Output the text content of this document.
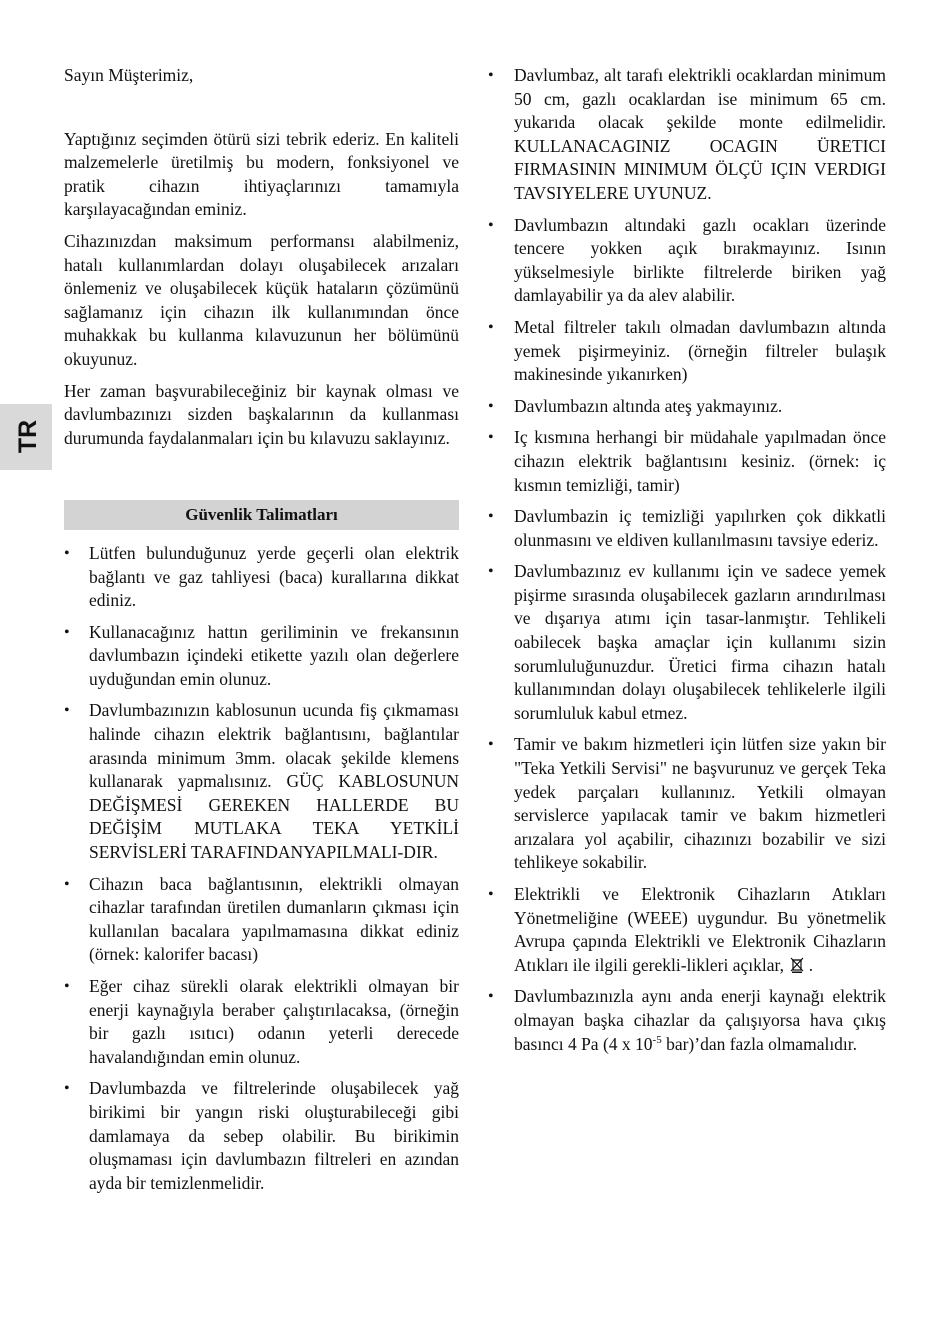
TR

Sayın Müşterimiz,

Yaptığınız seçimden ötürü sizi tebrik ederiz. En kaliteli malzemelerle üretilmiş bu modern, fonksiyonel ve pratik cihazın ihtiyaçlarınızı tamamıyla karşılayacağından eminiz.

Cihazınızdan maksimum performansı alabilmeniz, hatalı kullanımlardan dolayı oluşabilecek arızaları önlemeniz ve oluşabilecek küçük hataların çözümünü sağlamanız için cihazın ilk kullanımından önce muhakkak bu kullanma kılavuzunun her bölümünü okuyunuz.

Her zaman başvurabileceğiniz bir kaynak olması ve davlumbazınızı sizden başkalarının da kullanması durumunda faydalanmaları için bu kılavuzu saklayınız.

Güvenlik Talimatları
• Lütfen bulunduğunuz yerde geçerli olan elektrik bağlantı ve gaz tahliyesi (baca) kurallarına dikkat ediniz.
• Kullanacağınız hattın geriliminin ve frekansının davlumbazın içindeki etikette yazılı olan değerlere uyduğundan emin olunuz.
• Davlumbazınızın kablosunun ucunda fiş çıkmaması halinde cihazın elektrik bağlantısını, bağlantılar arasında minimum 3mm. olacak şekilde klemens kullanarak yapmalısınız. GÜÇ KABLOSUNUN DEĞİŞMESİ GEREKEN HALLERDE BU DEĞİŞİM MUTLAKA TEKA YETKİLİ SERVİSLERİ TARAFINDANYAPILMALI-DIR.
• Cihazın baca bağlantısının, elektrikli olmayan cihazlar tarafından üretilen dumanların çıkması için kullanılan bacalara yapılmamasına dikkat ediniz (örnek: kalorifer bacası)
• Eğer cihaz sürekli olarak elektrikli olmayan bir enerji kaynağıyla beraber çalıştırılacaksa, (örneğin bir gazlı ısıtıcı) odanın yeterli derecede havalandığından emin olunuz.
• Davlumbazda ve filtrelerinde oluşabilecek yağ birikimi bir yangın riski oluşturabileceği gibi damlamaya da sebep olabilir. Bu birikimin oluşmaması için davlumbazın filtreleri en azından ayda bir temizlenmelidir.
• Davlumbaz, alt tarafı elektrikli ocaklardan minimum 50 cm, gazlı ocaklardan ise minimum 65 cm. yukarıda olacak şekilde monte edilmelidir. KULLANACAGINIZ OCAGIN ÜRETICI FIRMASININ MINIMUM ÖLÇÜ IÇIN VERDIGI TAVSIYELERE UYUNUZ.
• Davlumbazın altındaki gazlı ocakları üzerinde tencere yokken açık bırakmayınız. Isının yükselmesiyle birlikte filtrelerde biriken yağ damlayabilir ya da alev alabilir.
• Metal filtreler takılı olmadan davlumbazın altında yemek pişirmeyiniz. (örneğin filtreler bulaşık makinesinde yıkanırken)
• Davlumbazın altında ateş yakmayınız.
• Iç kısmına herhangi bir müdahale yapılmadan önce cihazın elektrik bağlantısını kesiniz. (örnek: iç kısmın temizliği, tamir)
• Davlumbazin iç temizliği yapılırken çok dikkatli olunmasını ve eldiven kullanılmasını tavsiye ederiz.
• Davlumbazınız ev kullanımı için ve sadece yemek pişirme sırasında oluşabilecek gazların arındırılması ve dışarıya atımı için tasar-lanmıştır. Tehlikeli oabilecek başka amaçlar için kullanımı sizin sorumluluğunuzdur. Üretici firma cihazın hatalı kullanımından dolayı oluşabilecek tehlikelerle ilgili sorumluluk kabul etmez.
• Tamir ve bakım hizmetleri için lütfen size yakın bir "Teka Yetkili Servisi" ne başvurunuz ve gerçek Teka yedek parçaları kullanınız. Yetkili olmayan servislerce yapılacak tamir ve bakım hizmetleri arızalara yol açabilir, cihazınızı bozabilir ve sizi tehlikeye sokabilir.
• Elektrikli ve Elektronik Cihazların Atıkları Yönetmeliğine (WEEE) uygundur. Bu yönetmelik Avrupa çapında Elektrikli ve Elektronik Cihazların Atıkları ile ilgili gerekli-likleri açıklar, .
• Davlumbazınızla aynı anda enerji kaynağı elektrik olmayan başka cihazlar da çalışıyorsa hava çıkış basıncı 4 Pa (4 x $10^{-5}$ bar)’dan fazla olmamalıdır.
